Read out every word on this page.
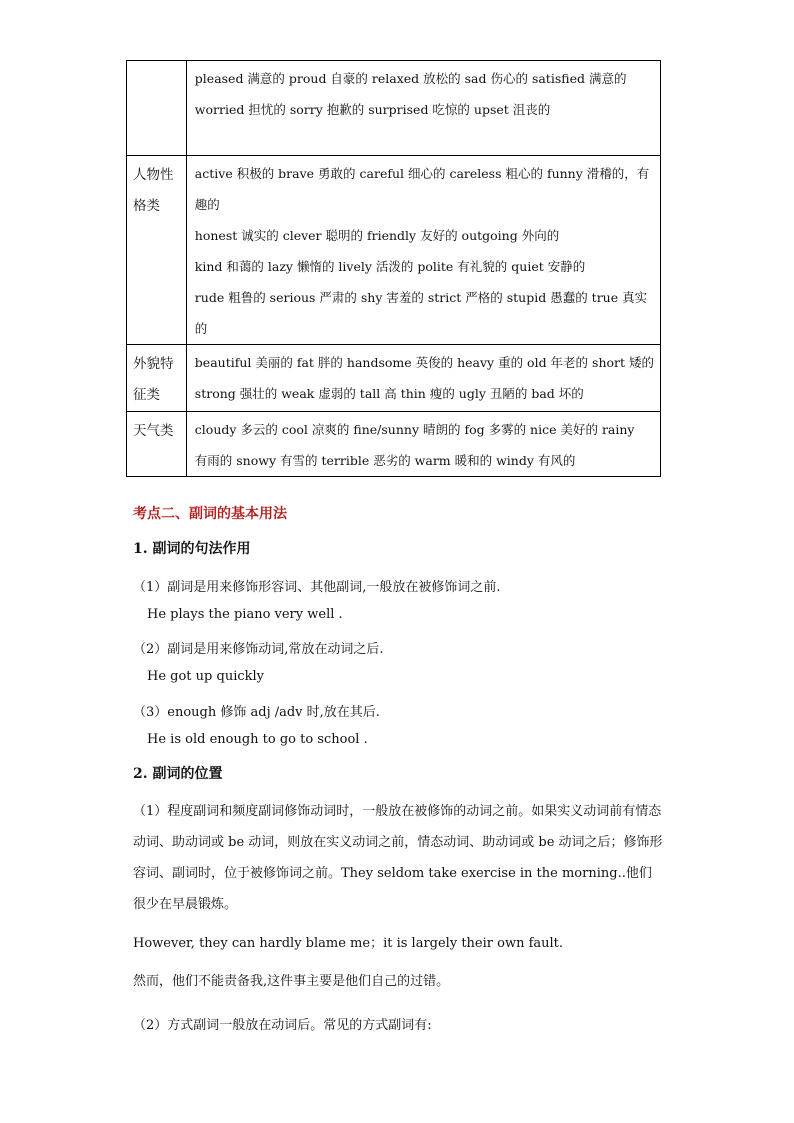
	pleased 满意的 proud 自豪的 relaxed 放松的 sad 伤心的 satisfied 满意的
worried 担忧的 sorry 抱歉的 surprised 吃惊的 upset 沮丧的

人物性格类	active 积极的 brave 勇敢的 careful 细心的 careless 粗心的 funny 滑稽的，有趣的
honest 诚实的 clever 聪明的 friendly 友好的 outgoing 外向的
kind 和蔼的 lazy 懒惰的 lively 活泼的 polite 有礼貌的 quiet 安静的
rude 粗鲁的 serious 严肃的 shy 害羞的 strict 严格的 stupid 愚蠢的 true 真实的

外貌特征类	beautiful 美丽的 fat 胖的 handsome 英俊的 heavy 重的 old 年老的 short 矮的
strong 强壮的 weak 虚弱的 tall 高 thin 瘦的 ugly 丑陋的 bad 坏的

天气类	cloudy 多云的 cool 凉爽的 fine/sunny 晴朗的 fog 多雾的 nice 美好的 rainy
有雨的 snowy 有雪的 terrible 恶劣的 warm 暖和的 windy 有风的
考点二、副词的基本用法
1. 副词的句法作用
（1）副词是用来修饰形容词、其他副词,一般放在被修饰词之前.
He plays the piano very well .
（2）副词是用来修饰动词,常放在动词之后.
He got up quickly
（3）enough 修饰 adj /adv 时,放在其后.
He is old enough to go to school .
2. 副词的位置
（1）程度副词和频度副词修饰动词时，一般放在被修饰的动词之前。如果实义动词前有情态动词、助动词或 be 动词，则放在实义动词之前，情态动词、助动词或 be 动词之后；修饰形容词、副词时，位于被修饰词之前。They seldom take exercise in the morning..他们很少在早晨锻炼。
However, they can hardly blame me；it is largely their own fault.
然而，他们不能责备我,这件事主要是他们自己的过错。
（2）方式副词一般放在动词后。常见的方式副词有:
